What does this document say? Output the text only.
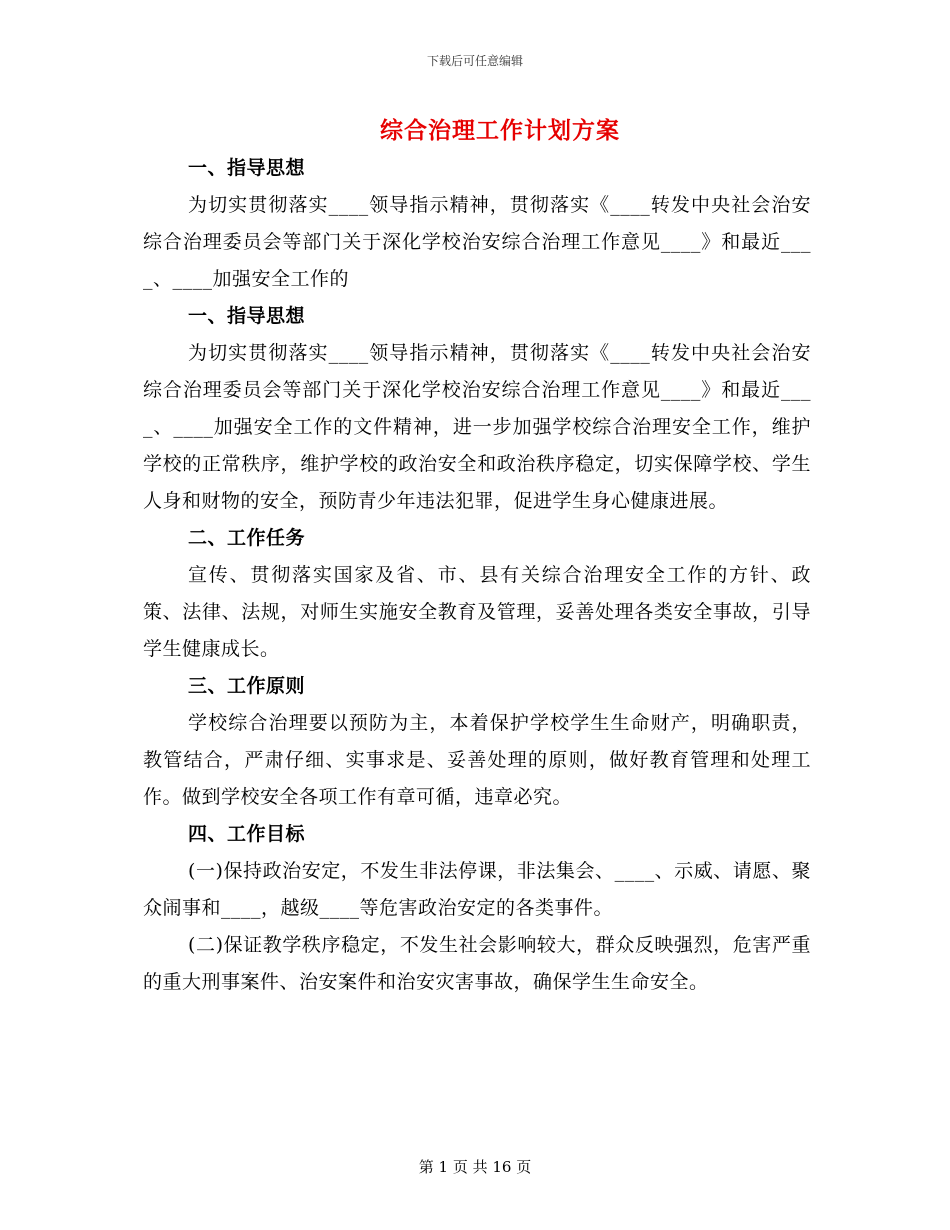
下载后可任意编辑
综合治理工作计划方案

一、指导思想

为切实贯彻落实____领导指示精神，贯彻落实《____转发中央社会治安综合治理委员会等部门关于深化学校治安综合治理工作意见____》和最近____、____加强安全工作的

一、指导思想

为切实贯彻落实____领导指示精神，贯彻落实《____转发中央社会治安综合治理委员会等部门关于深化学校治安综合治理工作意见____》和最近____、____加强安全工作的文件精神，进一步加强学校综合治理安全工作，维护学校的正常秩序，维护学校的政治安全和政治秩序稳定，切实保障学校、学生人身和财物的安全，预防青少年违法犯罪，促进学生身心健康进展。

二、工作任务

宣传、贯彻落实国家及省、市、县有关综合治理安全工作的方针、政策、法律、法规，对师生实施安全教育及管理，妥善处理各类安全事故，引导学生健康成长。

三、工作原则

学校综合治理要以预防为主，本着保护学校学生生命财产，明确职责，教管结合，严肃仔细、实事求是、妥善处理的原则，做好教育管理和处理工作。做到学校安全各项工作有章可循，违章必究。

四、工作目标

(一)保持政治安定，不发生非法停课，非法集会、____、示威、请愿、聚众闹事和____，越级____等危害政治安定的各类事件。

(二)保证教学秩序稳定，不发生社会影响较大，群众反映强烈，危害严重的重大刑事案件、治安案件和治安灾害事故，确保学生生命安全。

第 1 页 共 16 页
